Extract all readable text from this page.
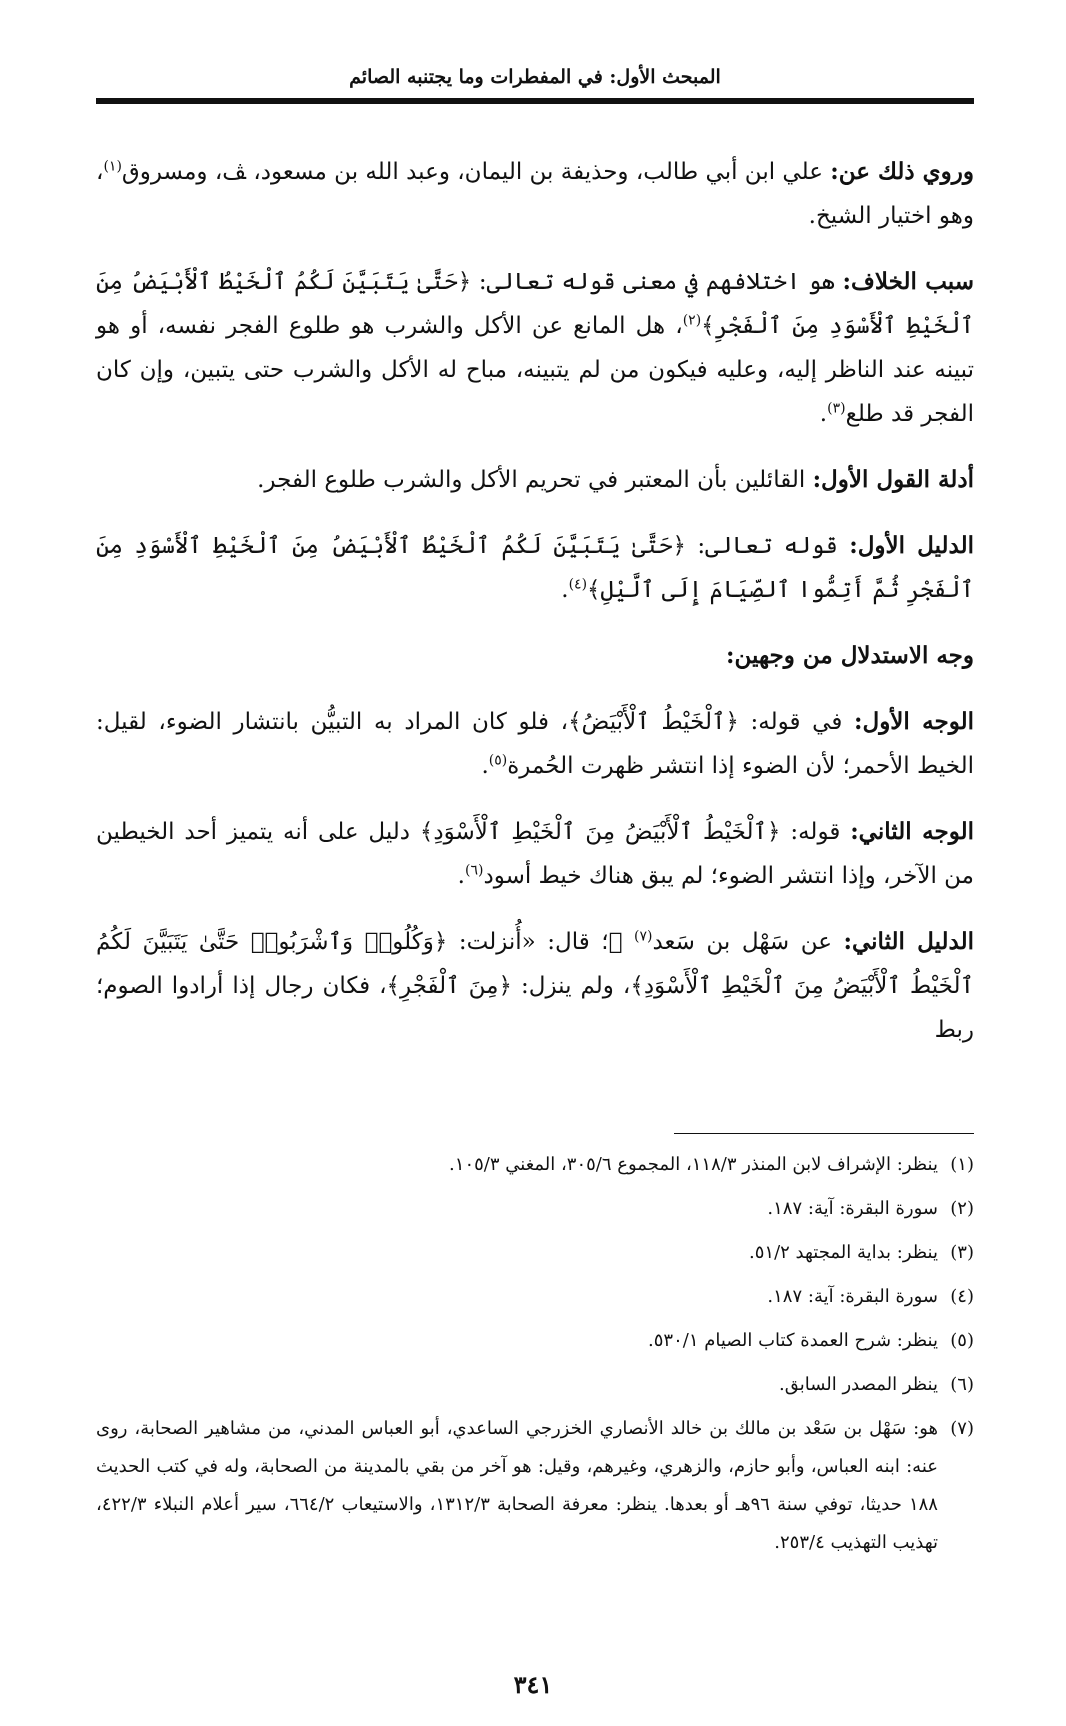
المبحث الأول: في المفطرات وما يجتنبه الصائم

وروي ذلك عن: علي ابن أبي طالب، وحذيفة بن اليمان، وعبد الله بن مسعود، ﭫ، ومسروق$^{(١)}$، وهو اختيار الشيخ.

سبب الخلاف: هو اختلافهم في معنى قوله تعالى: ﴿حَتَّىٰ يَتَبَيَّنَ لَكُمُ ٱلْخَيْطُ ٱلْأَبْيَضُ مِنَ ٱلْخَيْطِ ٱلْأَسْوَدِ مِنَ ٱلْفَجْرِ﴾$^{(٢)}$، هل المانع عن الأكل والشرب هو طلوع الفجر نفسه، أو هو تبينه عند الناظر إليه، وعليه فيكون من لم يتبينه، مباح له الأكل والشرب حتى يتبين، وإن كان الفجر قد طلع$^{(٣)}$.

أدلة القول الأول: القائلين بأن المعتبر في تحريم الأكل والشرب طلوع الفجر.

الدليل الأول: قوله تعالى: ﴿حَتَّىٰ يَتَبَيَّنَ لَكُمُ ٱلْخَيْطُ ٱلْأَبْيَضُ مِنَ ٱلْخَيْطِ ٱلْأَسْوَدِ مِنَ ٱلْفَجْرِ ثُمَّ أَتِمُّوا ٱلصِّيَامَ إِلَى ٱلَّيْلِ﴾$^{(٤)}$.

وجه الاستدلال من وجهين:

الوجه الأول: في قوله: ﴿ٱلْخَيْطُ ٱلْأَبْيَضُ﴾، فلو كان المراد به التبيُّن بانتشار الضوء، لقيل: الخيط الأحمر؛ لأن الضوء إذا انتشر ظهرت الحُمرة$^{(٥)}$.

الوجه الثاني: قوله: ﴿ٱلْخَيْطُ ٱلْأَبْيَضُ مِنَ ٱلْخَيْطِ ٱلْأَسْوَدِ﴾ دليل على أنه يتميز أحد الخيطين من الآخر، وإذا انتشر الضوء؛ لم يبق هناك خيط أسود$^{(٦)}$.

الدليل الثاني: عن سَهْل بن سَعد$^{(٧)}$ ﷺ؛ قال: «أُنزلت: ﴿وَكُلُوا۟ وَٱشْرَبُوا۟ حَتَّىٰ يَتَبَيَّنَ لَكُمُ ٱلْخَيْطُ ٱلْأَبْيَضُ مِنَ ٱلْخَيْطِ ٱلْأَسْوَدِ﴾، ولم ينزل: ﴿مِنَ ٱلْفَجْرِ﴾، فكان رجال إذا أرادوا الصوم؛ ربط

(١)
ينظر: الإشراف لابن المنذر ١١٨/٣، المجموع ٣٠٥/٦، المغني ١٠٥/٣.

(٢)
سورة البقرة: آية: ١٨٧.

(٣)
ينظر: بداية المجتهد ٥١/٢.

(٤)
سورة البقرة: آية: ١٨٧.

(٥)
ينظر: شرح العمدة كتاب الصيام ٥٣٠/١.

(٦)
ينظر المصدر السابق.

(٧)
هو: سَهْل بن سَعْد بن مالك بن خالد الأنصاري الخزرجي الساعدي، أبو العباس المدني، من مشاهير الصحابة، روى عنه: ابنه العباس، وأبو حازم، والزهري، وغيرهم، وقيل: هو آخر من بقي بالمدينة من الصحابة، وله في كتب الحديث ١٨٨ حديثا، توفي سنة ٩٦هـ أو بعدها. ينظر: معرفة الصحابة ١٣١٢/٣، والاستيعاب ٦٦٤/٢، سير أعلام النبلاء ٤٢٢/٣، تهذيب التهذيب ٢٥٣/٤.

٣٤١
